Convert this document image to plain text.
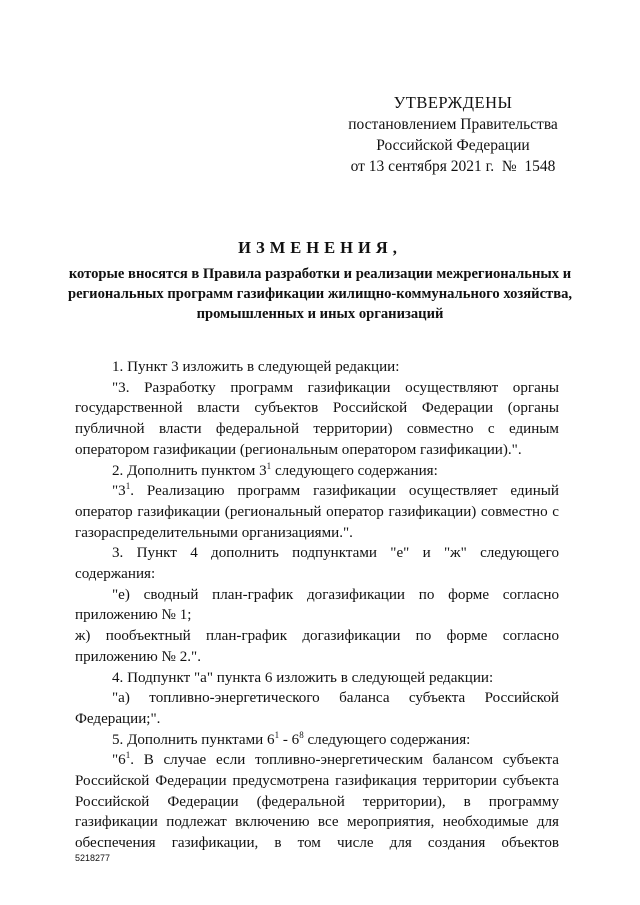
УТВЕРЖДЕНЫ
постановлением Правительства
Российской Федерации
от 13 сентября 2021 г.  №  1548
ИЗМЕНЕНИЯ,
которые вносятся в Правила разработки и реализации межрегиональных и региональных программ газификации жилищно-коммунального хозяйства, промышленных и иных организаций

1. Пункт 3 изложить в следующей редакции:

"3. Разработку программ газификации осуществляют органы государственной власти субъектов Российской Федерации (органы публичной власти федеральной территории) совместно с единым оператором газификации (региональным оператором газификации).".

2. Дополнить пунктом $3^1$ следующего содержания:

"$3^1$. Реализацию программ газификации осуществляет единый оператор газификации (региональный оператор газификации) совместно с газораспределительными организациями.".

3. Пункт 4 дополнить подпунктами "е" и "ж" следующего содержания:

"е) сводный план-график догазификации по форме согласно приложению № 1;

ж) пообъектный план-график догазификации по форме согласно приложению № 2.".

4. Подпункт "а" пункта 6 изложить в следующей редакции:

"а) топливно-энергетического баланса субъекта Российской Федерации;".

5. Дополнить пунктами $6^1 - 6^8$ следующего содержания:

"$6^1$. В случае если топливно-энергетическим балансом субъекта Российской Федерации предусмотрена газификация территории субъекта Российской Федерации (федеральной территории), в программу газификации подлежат включению все мероприятия, необходимые для обеспечения газификации, в том числе для создания объектов

5218277
